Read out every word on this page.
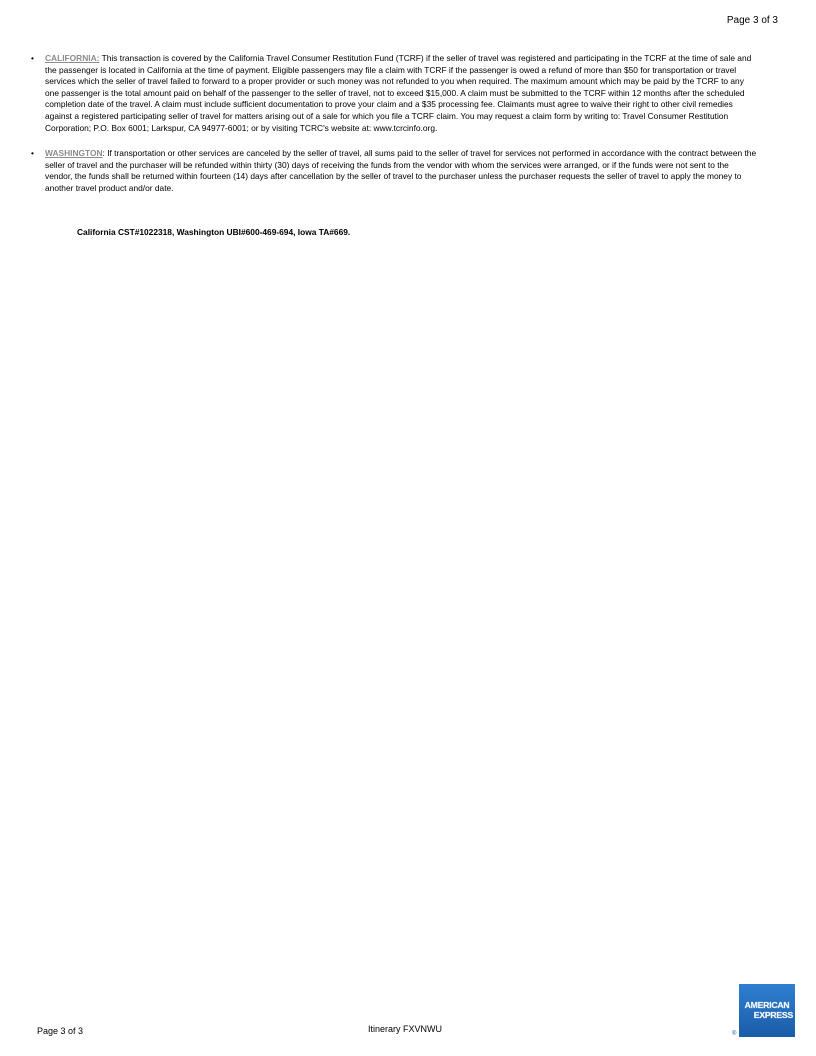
Page 3 of 3
• CALIFORNIA: This transaction is covered by the California Travel Consumer Restitution Fund (TCRF) if the seller of travel was registered and participating in the TCRF at the time of sale and the passenger is located in California at the time of payment. Eligible passengers may file a claim with TCRF if the passenger is owed a refund of more than $50 for transportation or travel services which the seller of travel failed to forward to a proper provider or such money was not refunded to you when required. The maximum amount which may be paid by the TCRF to any one passenger is the total amount paid on behalf of the passenger to the seller of travel, not to exceed $15,000. A claim must be submitted to the TCRF within 12 months after the scheduled completion date of the travel. A claim must include sufficient documentation to prove your claim and a $35 processing fee. Claimants must agree to waive their right to other civil remedies against a registered participating seller of travel for matters arising out of a sale for which you file a TCRF claim. You may request a claim form by writing to: Travel Consumer Restitution Corporation; P.O. Box 6001; Larkspur, CA 94977-6001; or by visiting TCRC's website at: www.tcrcinfo.org.
• WASHINGTON: If transportation or other services are canceled by the seller of travel, all sums paid to the seller of travel for services not performed in accordance with the contract between the seller of travel and the purchaser will be refunded within thirty (30) days of receiving the funds from the vendor with whom the services were arranged, or if the funds were not sent to the vendor, the funds shall be returned within fourteen (14) days after cancellation by the seller of travel to the purchaser unless the purchaser requests the seller of travel to apply the money to another travel product and/or date.
California CST#1022318, Washington UBI#600-469-694, Iowa TA#669.
Page 3 of 3	Itinerary FXVNWU
AMERICAN
EXPRESS
®
